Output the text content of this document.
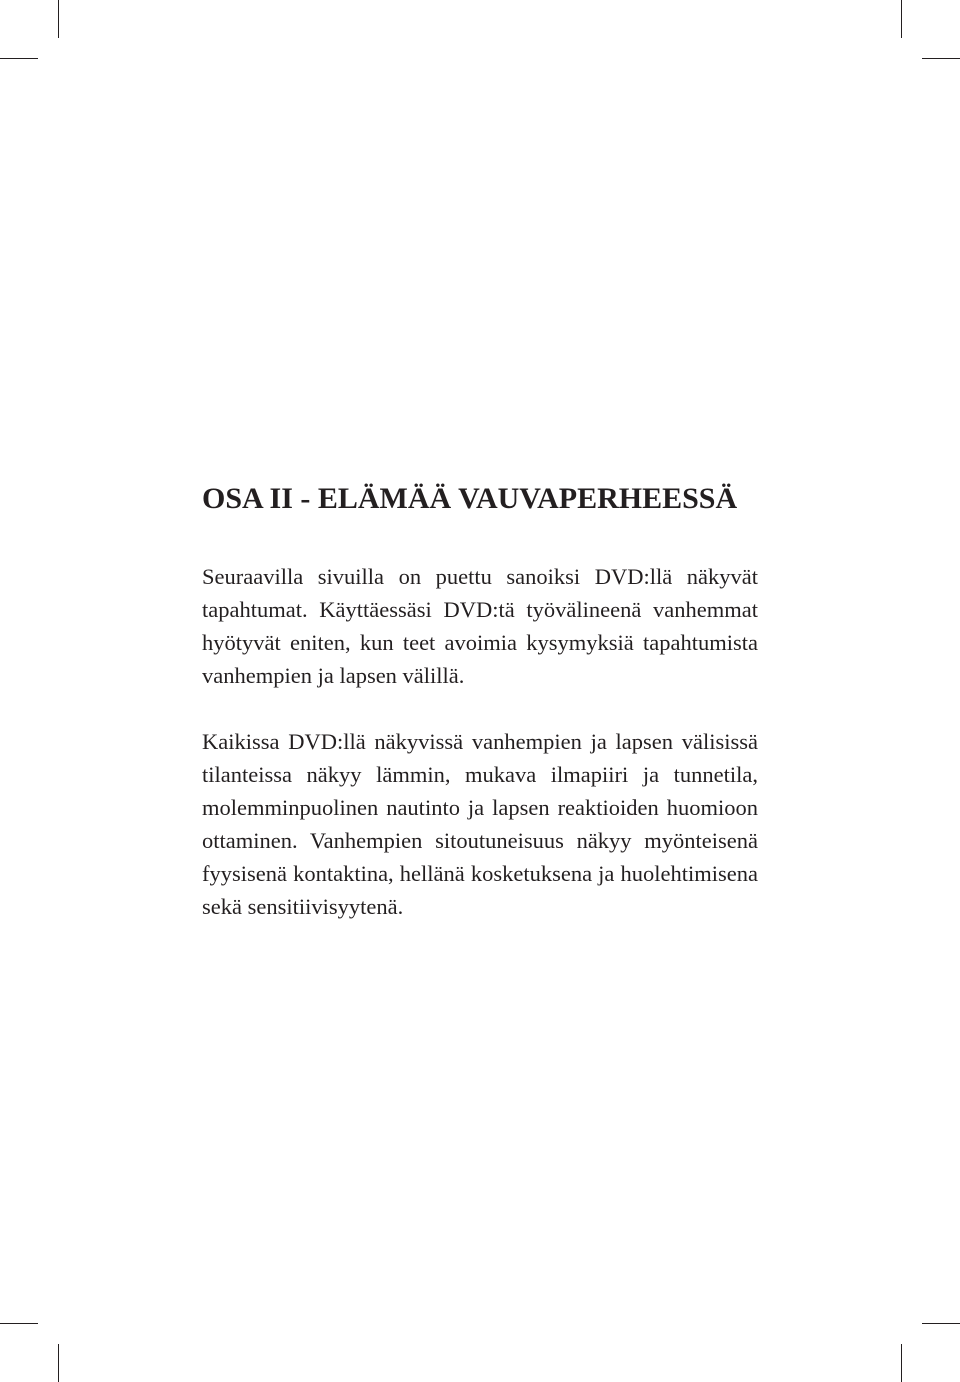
OSA II - ELÄMÄÄ VAUVAPERHEESSÄ

Seuraavilla sivuilla on puettu sanoiksi DVD:llä näkyvät tapahtumat. Käyttäessäsi DVD:tä työvälineenä vanhemmat hyötyvät eniten, kun teet avoimia kysymyksiä tapahtumista vanhempien ja lapsen välillä.

Kaikissa DVD:llä näkyvissä vanhempien ja lapsen välisissä tilanteissa näkyy lämmin, mukava ilmapiiri ja tunnetila, molemminpuolinen nautinto ja lapsen reaktioiden huomioon ottaminen. Vanhempien sitoutuneisuus näkyy myönteisenä fyysisenä kontaktina, hellänä kosketuksena ja huolehtimisena sekä sensitiivisyytenä.
